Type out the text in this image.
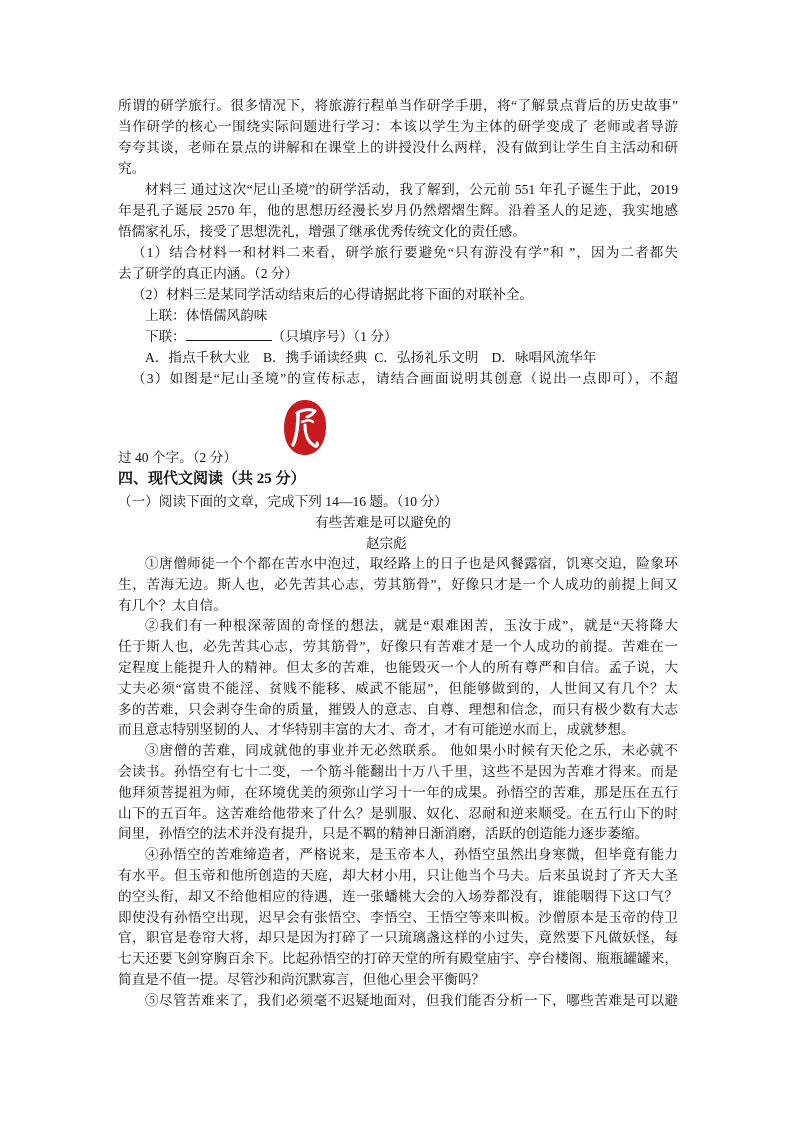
所谓的研学旅行。很多情况下，将旅游行程单当作研学手册，将“了解景点背后的历史故事”
当作研学的核心一围绕实际问题进行学习：本该以学生为主体的研学变成了 老师或者导游
夸夸其谈，老师在景点的讲解和在课堂上的讲授没什么两样，没有做到让学生自主活动和研
究。
材料三 通过这次“尼山圣境”的研学活动，我了解到，公元前 551 年孔子诞生于此，2019
年是孔子诞辰 2570 年，他的思想历经漫长岁月仍然熠熠生辉。沿着圣人的足迹，我实地感
悟儒家礼乐，接受了思想洗礼，增强了继承优秀传统文化的责任感。
（1）结合材料一和材料二来看，研学旅行要避免“只有游没有学”和 ”，因为二者都失
去了研学的真正内涵。（2 分）
（2）材料三是某同学活动结束后的心得请据此将下面的对联补全。
上联：体悟儒风韵味
下联：	（只填序号）（1 分）
A．指点千秋大业 B．携手诵读经典 C．弘扬礼乐文明 D．咏唱风流华年
（3）如图是“尼山圣境”的宣传标志，请结合画面说明其创意（说出一点即可），不超
过 40 个字。（2 分）
四、现代文阅读（共 25 分）
（一）阅读下面的文章，完成下列 14—16 题。（10 分）
有些苦难是可以避免的
赵宗彪
①唐僧师徒一个个都在苦水中泡过，取经路上的日子也是风餐露宿，饥寒交迫，险象环
生，苦海无边。斯人也，必先苦其心志，劳其筋骨”，好像只才是一个人成功的前提上间又
有几个？太自信。
②我们有一种根深蒂固的奇怪的想法，就是“艰难困苦，玉汝于成”，就是“天将降大
任于斯人也，必先苦其心志，劳其筋骨”，好像只有苦难才是一个人成功的前提。苦难在一
定程度上能提升人的精神。但太多的苦难，也能毁灭一个人的所有尊严和自信。孟子说，大
丈夫必须“富贵不能淫、贫贱不能移、威武不能屈”，但能够做到的，人世间又有几个？太
多的苦难，只会剥夺生命的质量，摧毁人的意志、自尊、理想和信念，而只有极少数有大志
而且意志特别坚韧的人、才华特别丰富的大才、奇才，才有可能逆水而上，成就梦想。
③唐僧的苦难，同成就他的事业并无必然联系。 他如果小时候有天伦之乐，未必就不
会读书。孙悟空有七十二变，一个筋斗能翻出十万八千里，这些不是因为苦难才得来。而是
他拜须菩提祖为师，在环境优美的须弥山学习十一年的成果。孙悟空的苦难，那是压在五行
山下的五百年。这苦难给他带来了什么？是驯服、奴化、忍耐和逆来顺受。在五行山下的时
间里，孙悟空的法术并没有提升，只是不羁的精神日渐消磨，活跃的创造能力逐步萎缩。
④孙悟空的苦难缔造者，严格说来，是玉帝本人，孙悟空虽然出身寒微，但毕竟有能力
有水平。但玉帝和他所创造的天庭，却大材小用，只让他当个马夫。后来虽说封了齐天大圣
的空头衔，却又不给他相应的待遇，连一张蟠桃大会的入场券都没有，谁能咽得下这口气？
即使没有孙悟空出现，迟早会有张悟空、李悟空、王悟空等来叫板。沙僧原本是玉帝的侍卫
官，职官是卷帘大将，却只是因为打碎了一只琉璃盏这样的小过失，竟然要下凡做妖怪，每
七天还要飞剑穿胸百余下。比起孙悟空的打碎天堂的所有殿堂庙宇、亭台楼阁、瓶瓶罐罐来，
简直是不值一提。尽管沙和尚沉默寡言，但他心里会平衡吗？
⑤尽管苦难来了，我们必须毫不迟疑地面对，但我们能否分析一下，哪些苦难是可以避
